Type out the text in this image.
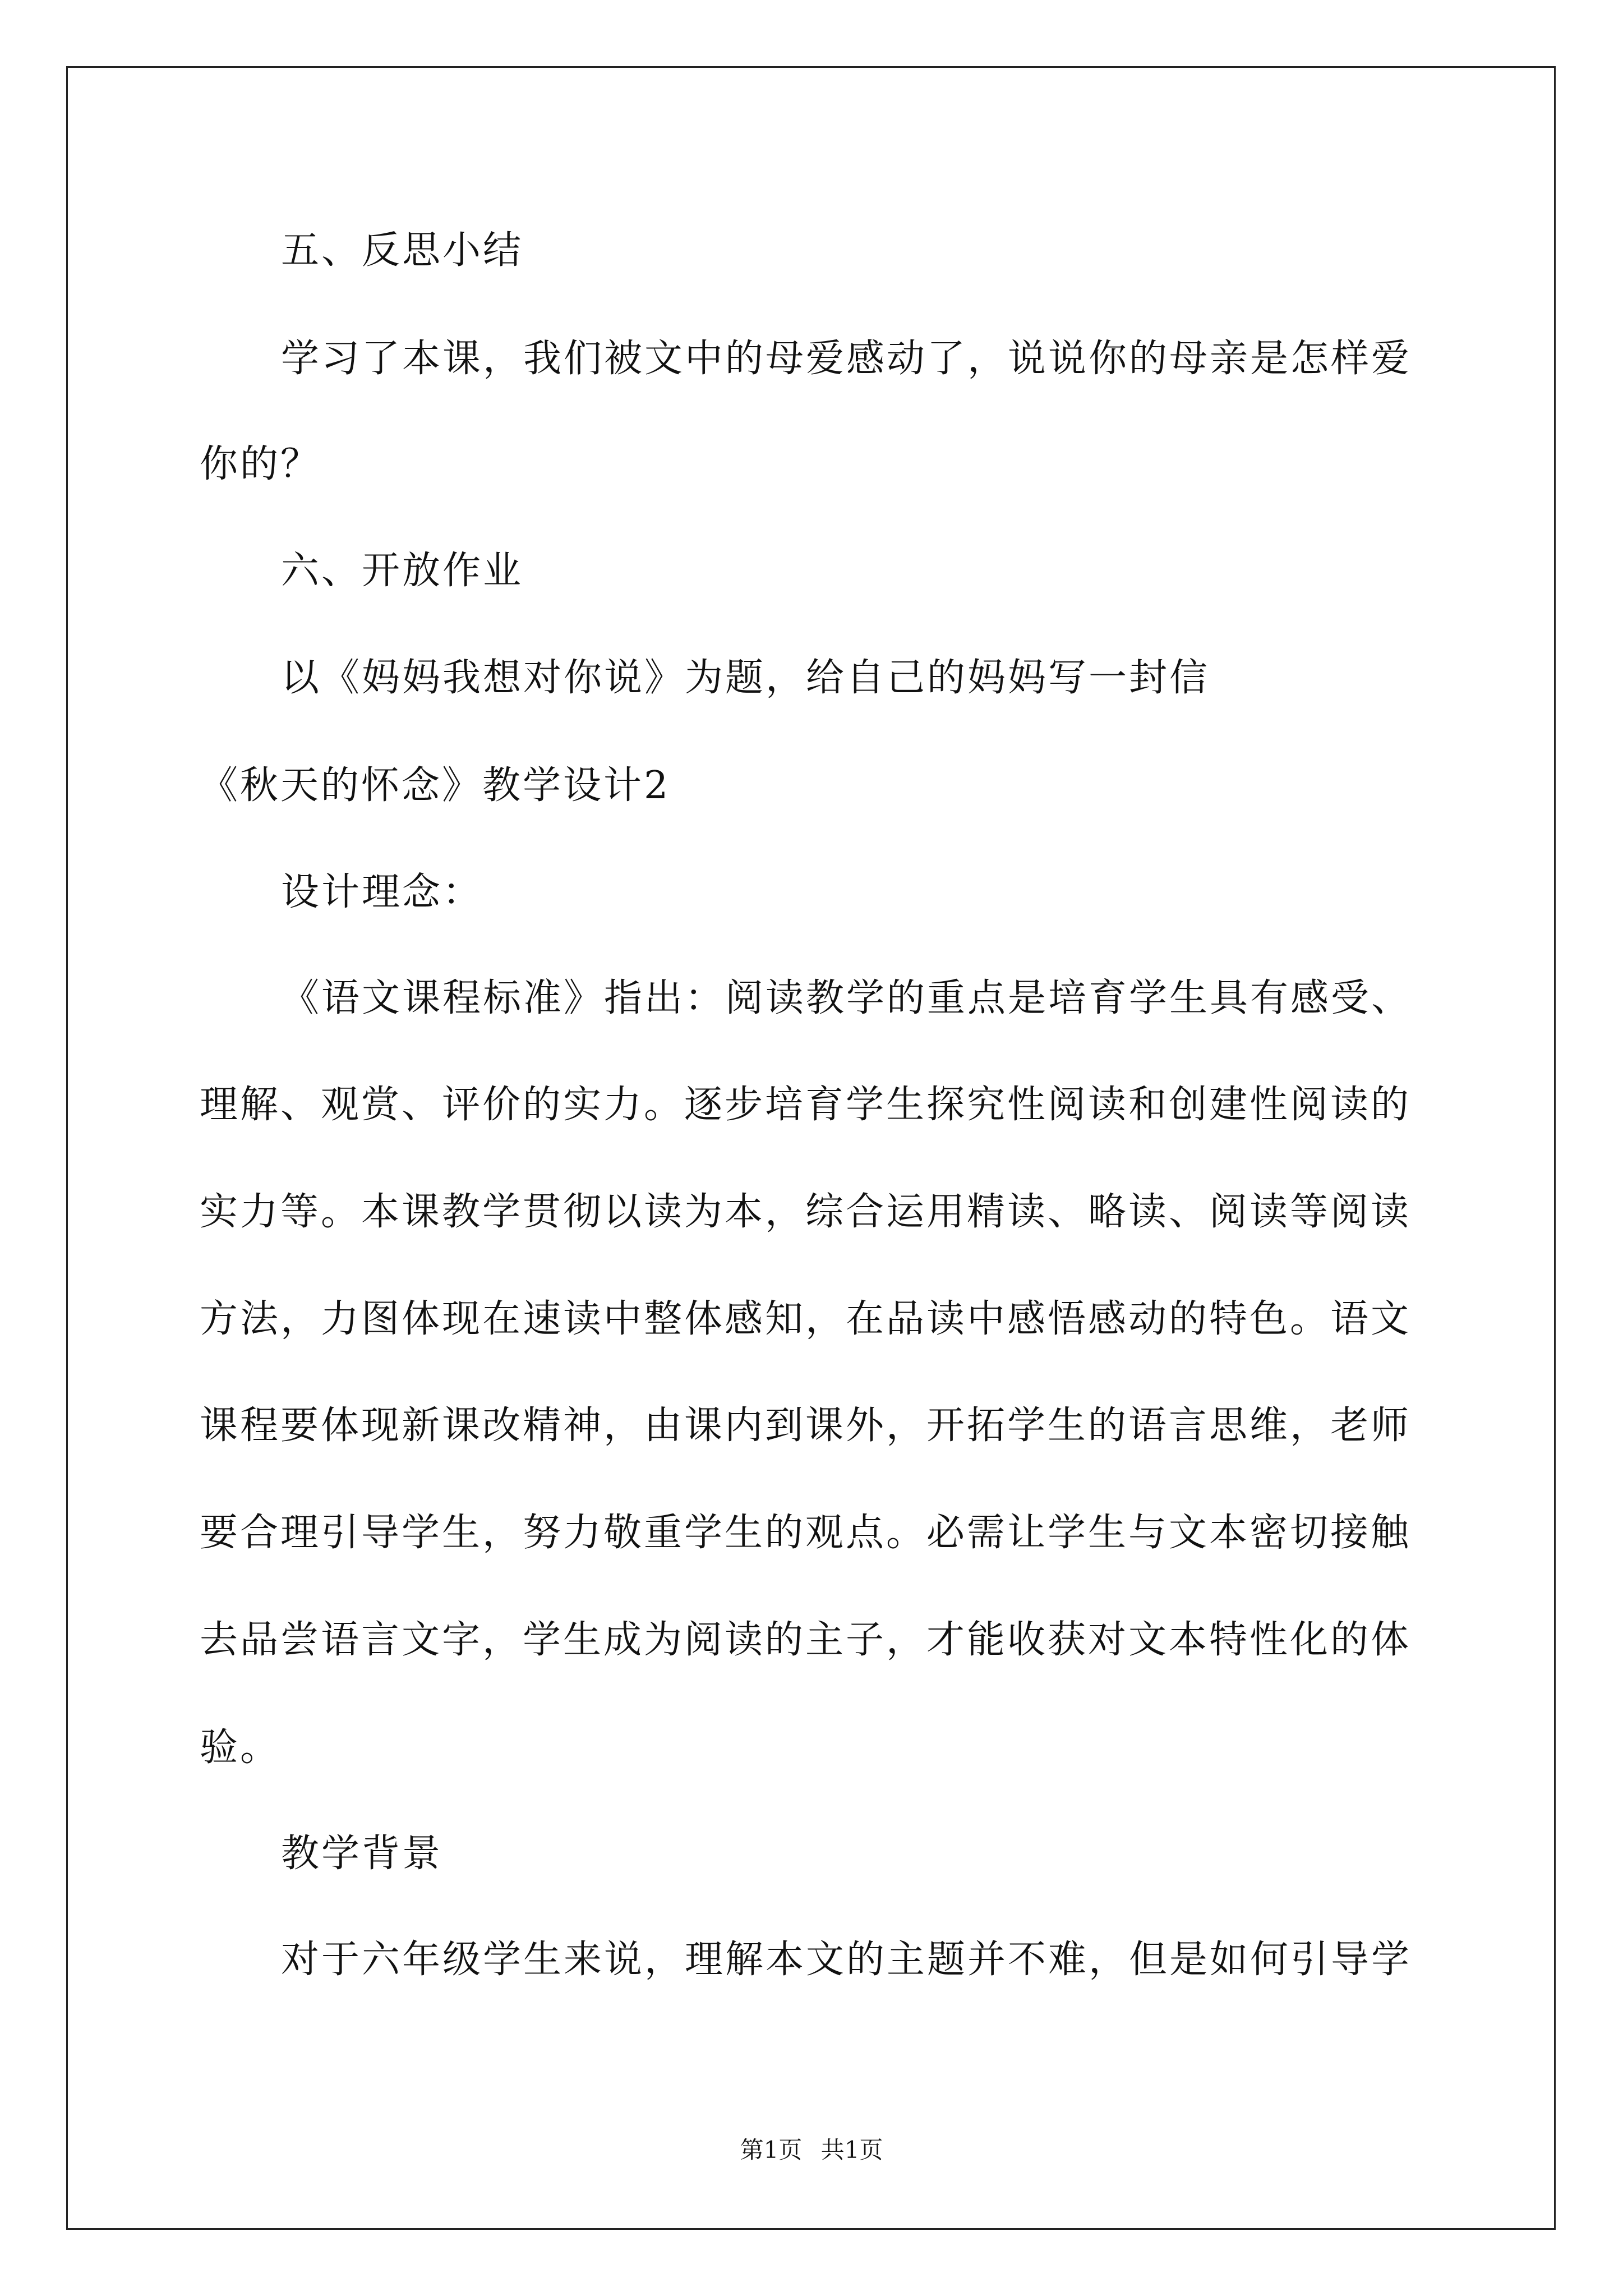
五、反思小结
学习了本课，我们被文中的母爱感动了，说说你的母亲是怎样爱
你的？
六、开放作业
以《妈妈我想对你说》为题，给自己的妈妈写一封信
《秋天的怀念》教学设计2
设计理念：
《语文课程标准》指出：阅读教学的重点是培育学生具有感受、
理解、观赏、评价的实力。逐步培育学生探究性阅读和创建性阅读的
实力等。本课教学贯彻以读为本，综合运用精读、略读、阅读等阅读
方法，力图体现在速读中整体感知，在品读中感悟感动的特色。语文
课程要体现新课改精神，由课内到课外，开拓学生的语言思维，老师
要合理引导学生，努力敬重学生的观点。必需让学生与文本密切接触
去品尝语言文字，学生成为阅读的主子，才能收获对文本特性化的体
验。
教学背景
对于六年级学生来说，理解本文的主题并不难，但是如何引导学
第1页 共1页
